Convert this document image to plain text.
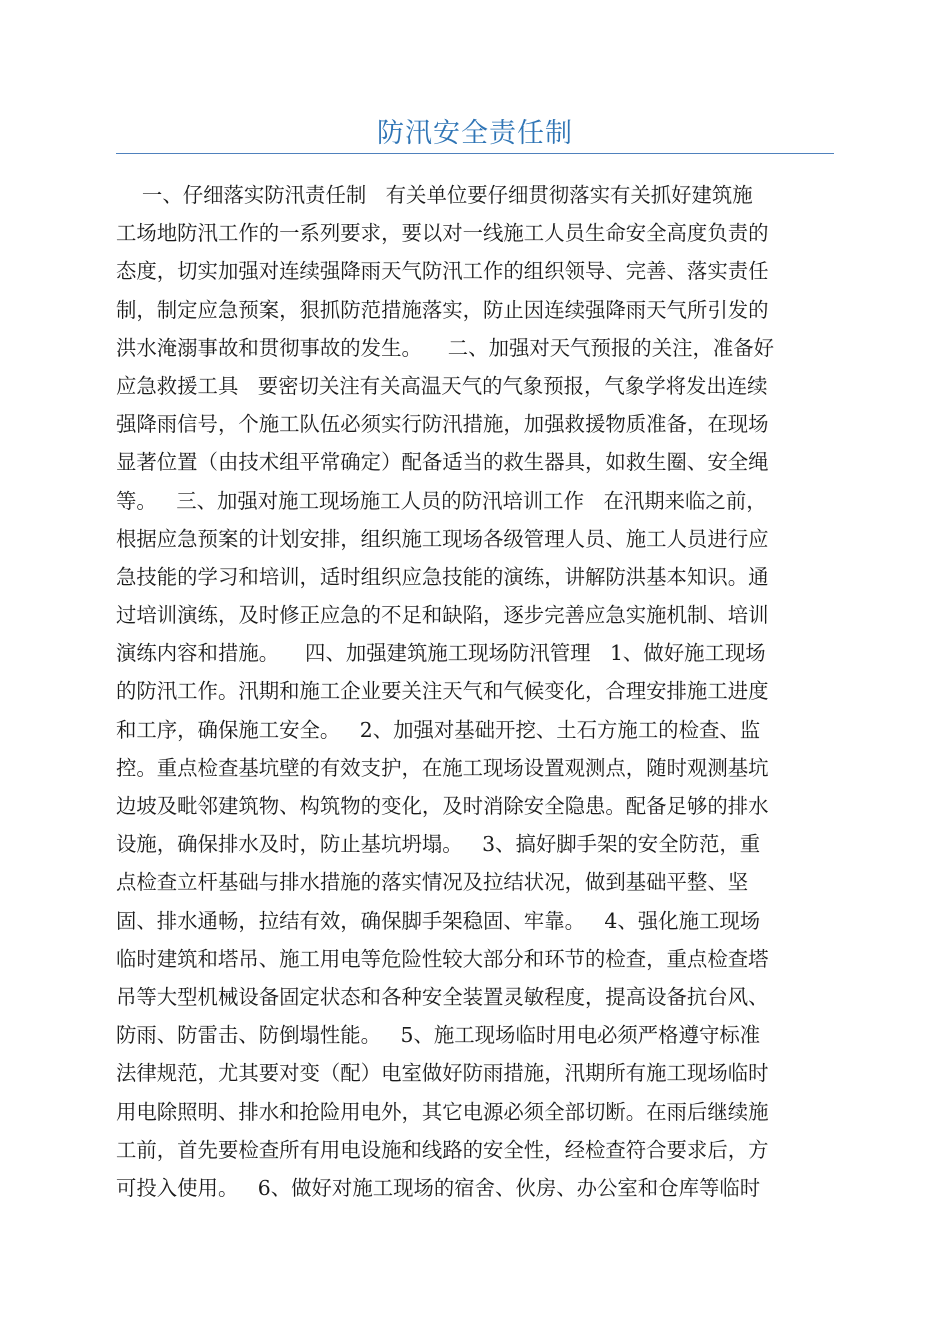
防汛安全责任制
一、仔细落实防汛责任制   有关单位要仔细贯彻落实有关抓好建筑施
工场地防汛工作的一系列要求，要以对一线施工人员生命安全高度负责的
态度，切实加强对连续强降雨天气防汛工作的组织领导、完善、落实责任
制，制定应急预案，狠抓防范措施落实，防止因连续强降雨天气所引发的
洪水淹溺事故和贯彻事故的发生。    二、加强对天气预报的关注，准备好
应急救援工具   要密切关注有关高温天气的气象预报，气象学将发出连续
强降雨信号，个施工队伍必须实行防汛措施，加强救援物质准备，在现场
显著位置（由技术组平常确定）配备适当的救生器具，如救生圈、安全绳
等。   三、加强对施工现场施工人员的防汛培训工作   在汛期来临之前，
根据应急预案的计划安排，组织施工现场各级管理人员、施工人员进行应
急技能的学习和培训，适时组织应急技能的演练，讲解防洪基本知识。通
过培训演练，及时修正应急的不足和缺陷，逐步完善应急实施机制、培训
演练内容和措施。    四、加强建筑施工现场防汛管理   1、做好施工现场
的防汛工作。汛期和施工企业要关注天气和气候变化，合理安排施工进度
和工序，确保施工安全。   2、加强对基础开挖、土石方施工的检查、监
控。重点检查基坑壁的有效支护，在施工现场设置观测点，随时观测基坑
边坡及毗邻建筑物、构筑物的变化，及时消除安全隐患。配备足够的排水
设施，确保排水及时，防止基坑坍塌。   3、搞好脚手架的安全防范，重
点检查立杆基础与排水措施的落实情况及拉结状况，做到基础平整、坚
固、排水通畅，拉结有效，确保脚手架稳固、牢靠。   4、强化施工现场
临时建筑和塔吊、施工用电等危险性较大部分和环节的检查，重点检查塔
吊等大型机械设备固定状态和各种安全装置灵敏程度，提高设备抗台风、
防雨、防雷击、防倒塌性能。   5、施工现场临时用电必须严格遵守标准
法律规范，尤其要对变（配）电室做好防雨措施，汛期所有施工现场临时
用电除照明、排水和抢险用电外，其它电源必须全部切断。在雨后继续施
工前，首先要检查所有用电设施和线路的安全性，经检查符合要求后，方
可投入使用。   6、做好对施工现场的宿舍、伙房、办公室和仓库等临时
